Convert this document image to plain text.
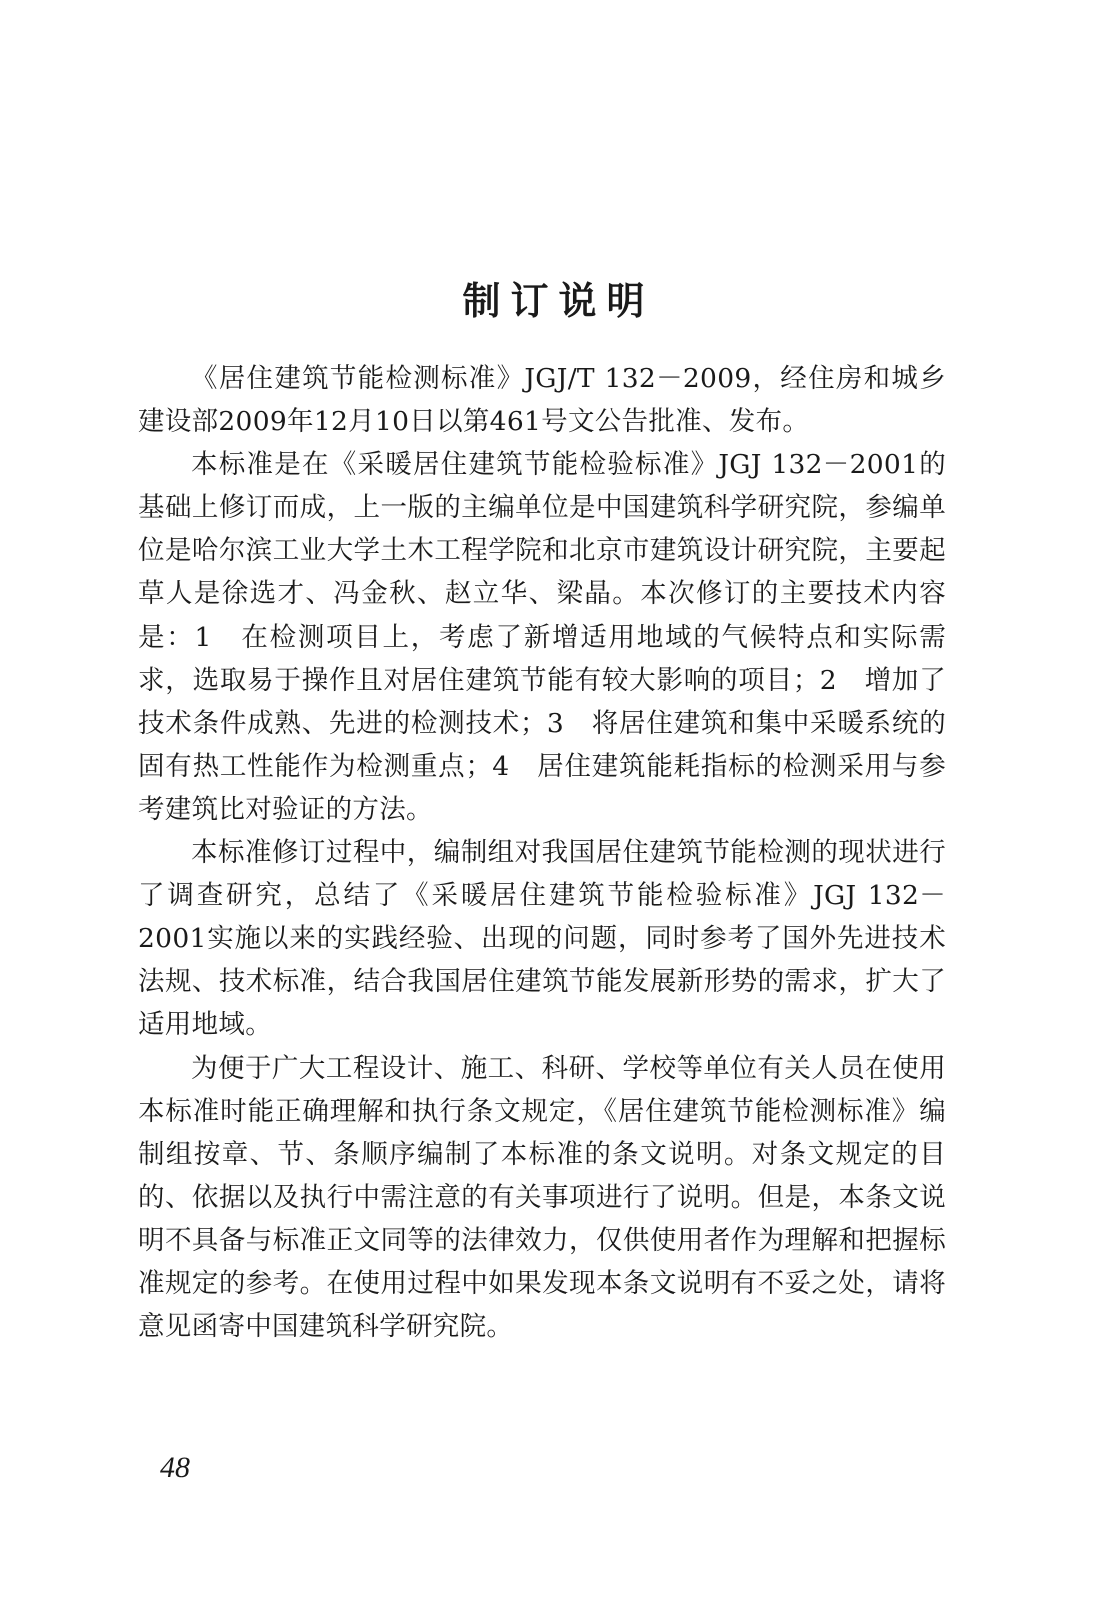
制订说明

《居住建筑节能检测标准》JGJ/T 132－2009，经住房和城乡建设部2009年12月10日以第461号文公告批准、发布。

本标准是在《采暖居住建筑节能检验标准》JGJ 132－2001的基础上修订而成，上一版的主编单位是中国建筑科学研究院，参编单位是哈尔滨工业大学土木工程学院和北京市建筑设计研究院，主要起草人是徐选才、冯金秋、赵立华、梁晶。本次修订的主要技术内容是：1　在检测项目上，考虑了新增适用地域的气候特点和实际需求，选取易于操作且对居住建筑节能有较大影响的项目；2　增加了技术条件成熟、先进的检测技术；3　将居住建筑和集中采暖系统的固有热工性能作为检测重点；4　居住建筑能耗指标的检测采用与参考建筑比对验证的方法。

本标准修订过程中，编制组对我国居住建筑节能检测的现状进行了调查研究，总结了《采暖居住建筑节能检验标准》JGJ 132－2001实施以来的实践经验、出现的问题，同时参考了国外先进技术法规、技术标准，结合我国居住建筑节能发展新形势的需求，扩大了适用地域。

为便于广大工程设计、施工、科研、学校等单位有关人员在使用本标准时能正确理解和执行条文规定，《居住建筑节能检测标准》编制组按章、节、条顺序编制了本标准的条文说明。对条文规定的目的、依据以及执行中需注意的有关事项进行了说明。但是，本条文说明不具备与标准正文同等的法律效力，仅供使用者作为理解和把握标准规定的参考。在使用过程中如果发现本条文说明有不妥之处，请将意见函寄中国建筑科学研究院。

48
